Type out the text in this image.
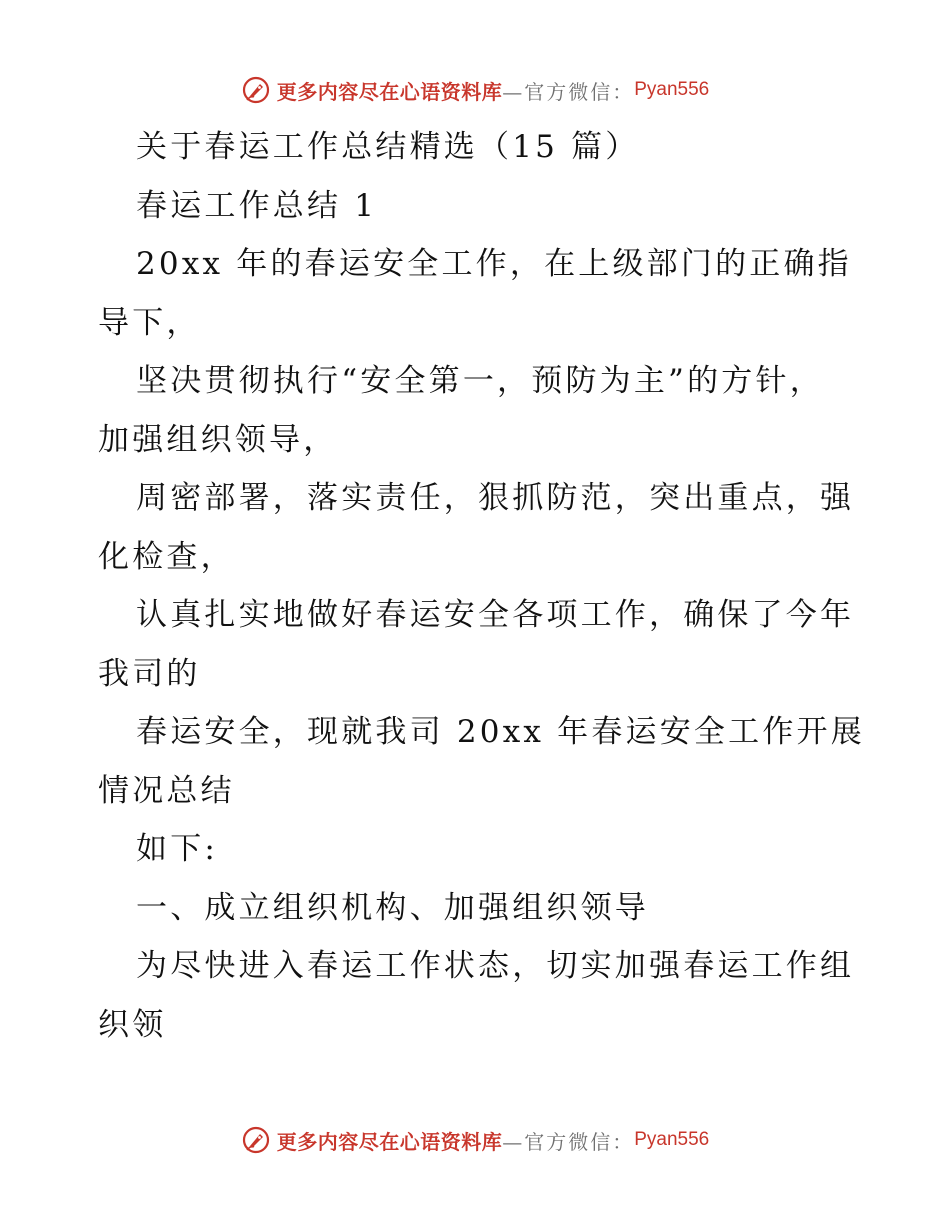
更多内容尽在心语资料库 —官方微信： Pyan556

关于春运工作总结精选（15 篇）

春运工作总结 1

20xx 年的春运安全工作，在上级部门的正确指

导下，

坚决贯彻执行“安全第一，预防为主”的方针，

加强组织领导，

周密部署，落实责任，狠抓防范，突出重点，强

化检查，

认真扎实地做好春运安全各项工作，确保了今年

我司的

春运安全，现就我司 20xx 年春运安全工作开展

情况总结

如下:

一、成立组织机构、加强组织领导

为尽快进入春运工作状态，切实加强春运工作组

织领

更多内容尽在心语资料库 —官方微信： Pyan556
